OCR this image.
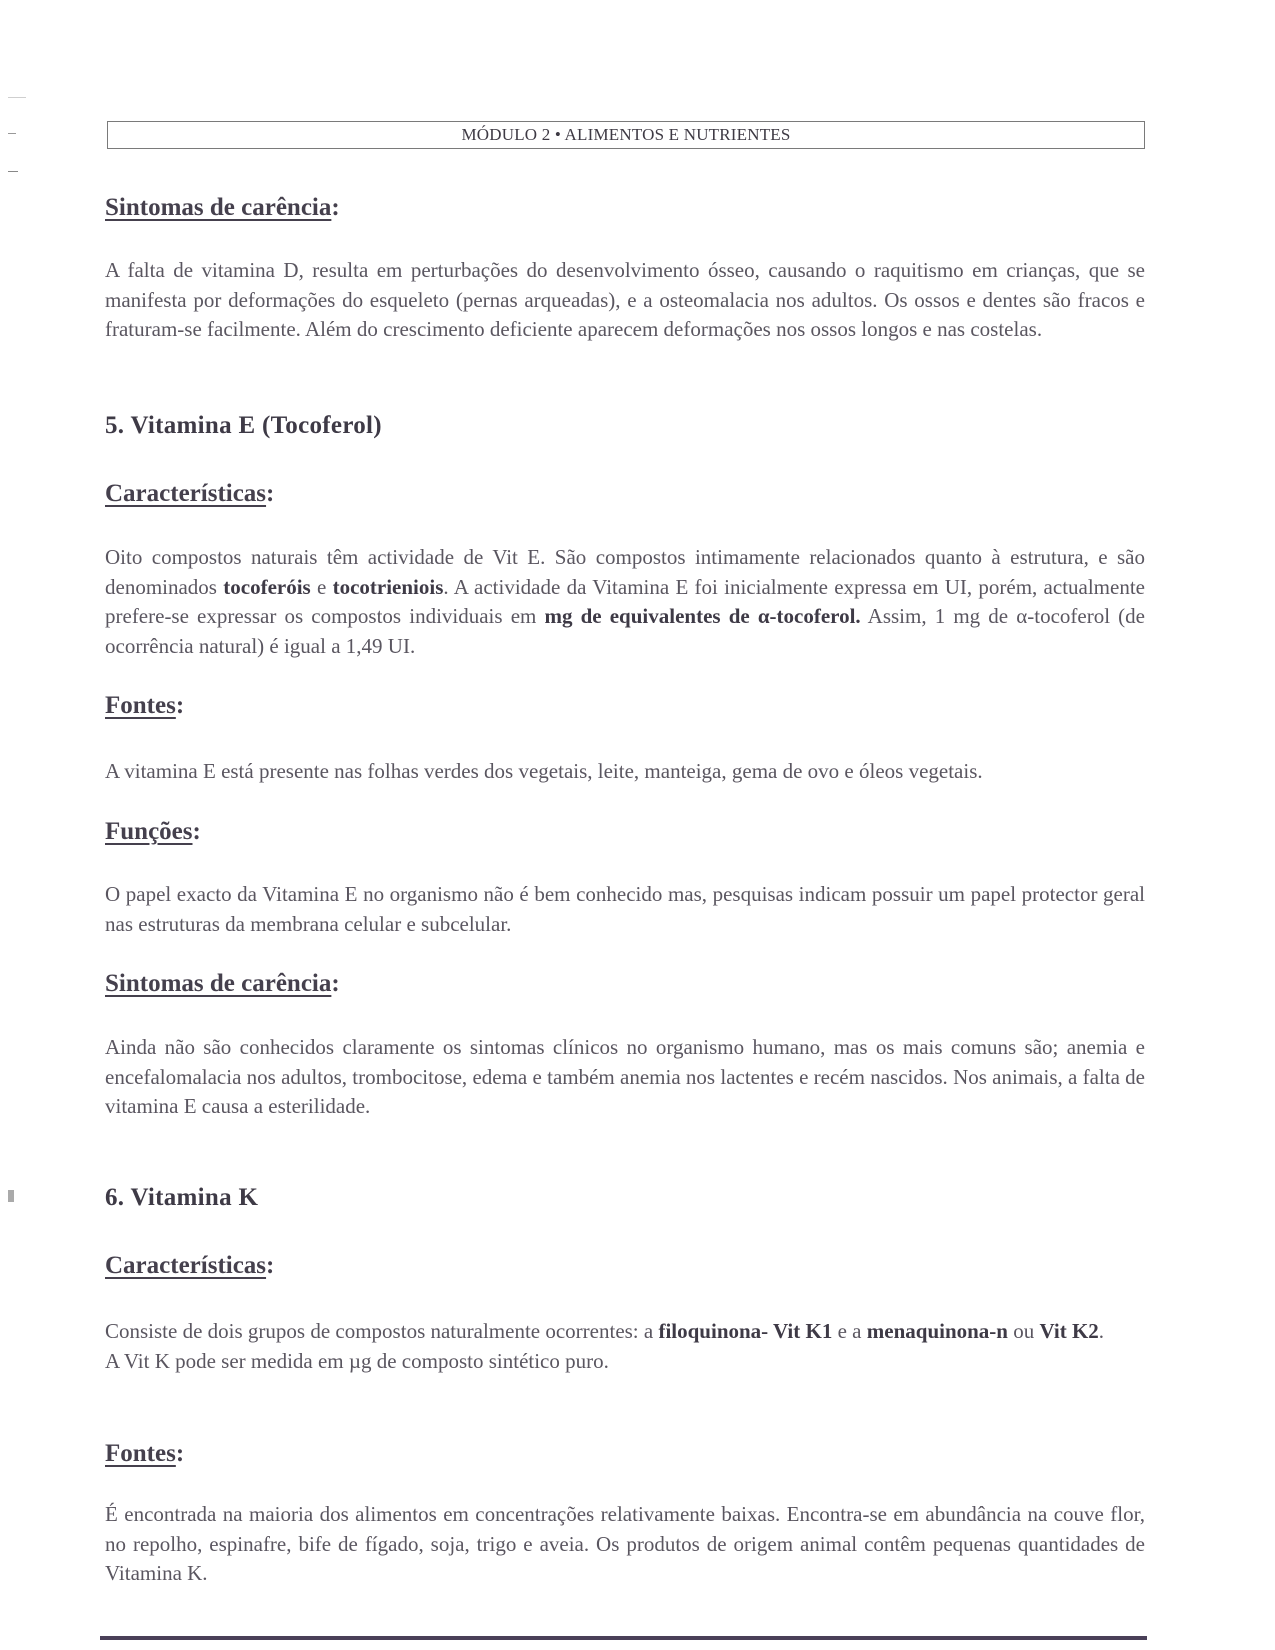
MÓDULO 2 • ALIMENTOS E NUTRIENTES
Sintomas de carência:
A falta de vitamina D, resulta em perturbações do desenvolvimento ósseo, causando o raquitismo em crianças, que se manifesta por deformações do esqueleto (pernas arqueadas), e a osteomalacia nos adultos. Os ossos e dentes são fracos e fraturam-se facilmente. Além do crescimento deficiente aparecem deformações nos ossos longos e nas costelas.
5. Vitamina E (Tocoferol)
Características:
Oito compostos naturais têm actividade de Vit E. São compostos intimamente relacionados quanto à estrutura, e são denominados tocoferóis e tocotrieniois. A actividade da Vitamina E foi inicialmente expressa em UI, porém, actualmente prefere-se expressar os compostos individuais em mg de equivalentes de α-tocoferol. Assim, 1 mg de α-tocoferol (de ocorrência natural) é igual a 1,49 UI.
Fontes:
A vitamina E está presente nas folhas verdes dos vegetais, leite, manteiga, gema de ovo e óleos vegetais.
Funções:
O papel exacto da Vitamina E no organismo não é bem conhecido mas, pesquisas indicam possuir um papel protector geral nas estruturas da membrana celular e subcelular.
Sintomas de carência:
Ainda não são conhecidos claramente os sintomas clínicos no organismo humano, mas os mais comuns são; anemia e encefalomalacia nos adultos, trombocitose, edema e também anemia nos lactentes e recém nascidos. Nos animais, a falta de vitamina E causa a esterilidade.
6. Vitamina K
Características:
Consiste de dois grupos de compostos naturalmente ocorrentes: a filoquinona- Vit K1 e a menaquinona-n ou Vit K2.
A Vit K pode ser medida em µg de composto sintético puro.
Fontes:
É encontrada na maioria dos alimentos em concentrações relativamente baixas. Encontra-se em abundância na couve flor, no repolho, espinafre, bife de fígado, soja, trigo e aveia. Os produtos de origem animal contêm pequenas quantidades de Vitamina K.
